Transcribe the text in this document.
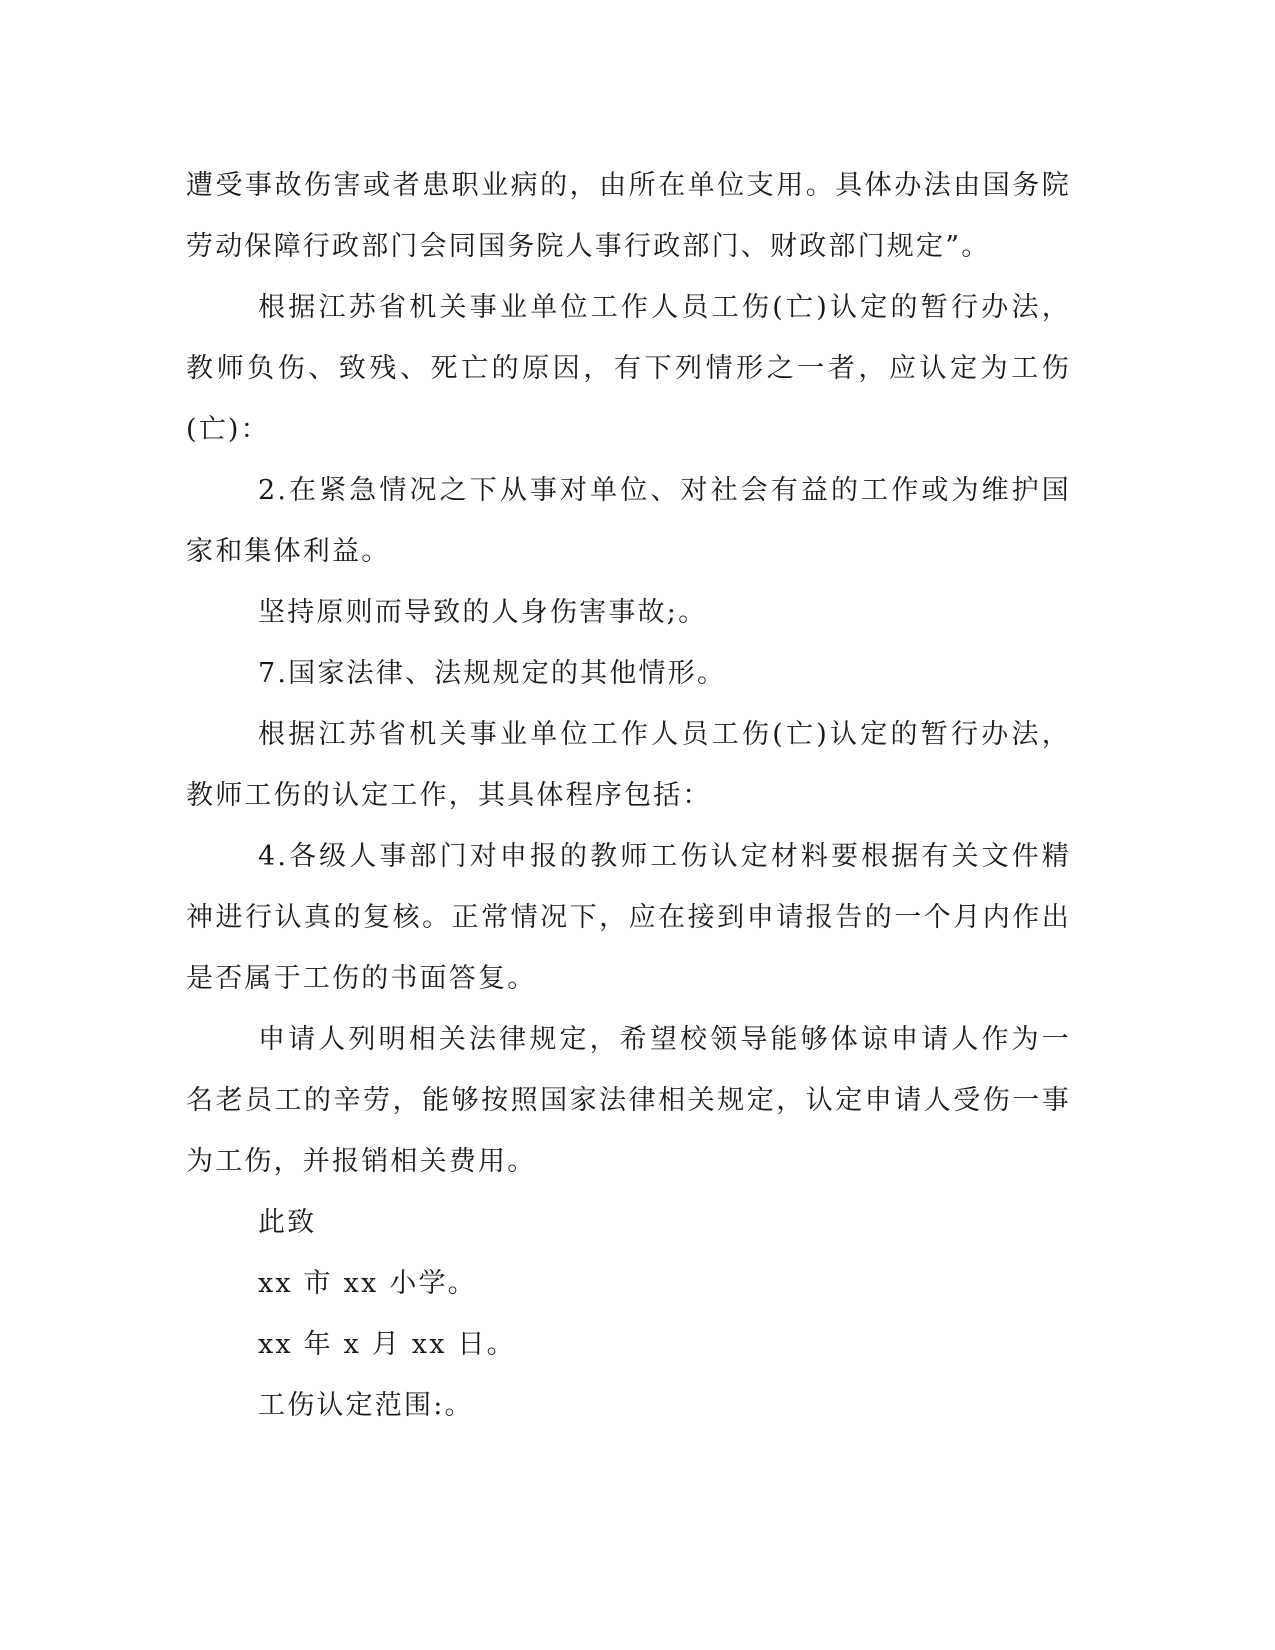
遭受事故伤害或者患职业病的，由所在单位支用。具体办法由国务院劳动保障行政部门会同国务院人事行政部门、财政部门规定”。

根据江苏省机关事业单位工作人员工伤(亡)认定的暂行办法，教师负伤、致残、死亡的原因，有下列情形之一者，应认定为工伤(亡)：

2.在紧急情况之下从事对单位、对社会有益的工作或为维护国家和集体利益。

坚持原则而导致的人身伤害事故;。

7.国家法律、法规规定的其他情形。

根据江苏省机关事业单位工作人员工伤(亡)认定的暂行办法，教师工伤的认定工作，其具体程序包括：

4.各级人事部门对申报的教师工伤认定材料要根据有关文件精神进行认真的复核。正常情况下，应在接到申请报告的一个月内作出是否属于工伤的书面答复。

申请人列明相关法律规定，希望校领导能够体谅申请人作为一名老员工的辛劳，能够按照国家法律相关规定，认定申请人受伤一事为工伤，并报销相关费用。

此致

xx 市 xx 小学。

xx 年 x 月 xx 日。

工伤认定范围:。
